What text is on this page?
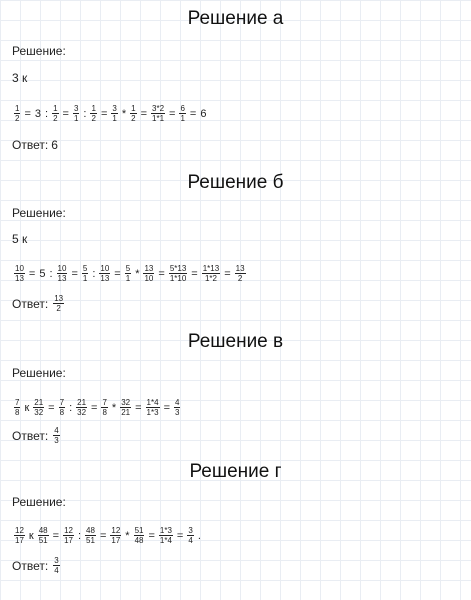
Решение а
Решение:
3 к
$\frac{1}{2} = 3$ : $\frac{1}{2} = \frac{3}{1}$ : $\frac{1}{2} = \frac{3}{1} * \frac{1}{2} = \frac{3*2}{1*1} = \frac{6}{1} = 6$
Ответ: 6
Решение б
Решение:
5 к
$\frac{10}{13} = 5$ : $\frac{10}{13} = \frac{5}{1}$ : $\frac{10}{13} = \frac{5}{1} * \frac{13}{10} = \frac{5*13}{1*10} = \frac{1*13}{1*2} = \frac{13}{2}$
Ответ: $\frac{13}{2}$
Решение в
Решение:
$\frac{7}{8}$ к $\frac{21}{32} = \frac{7}{8}$ : $\frac{21}{32} = \frac{7}{8} * \frac{32}{21} = \frac{1*4}{1*3} = \frac{4}{3}$
Ответ: $\frac{4}{3}$
Решение г
Решение:
$\frac{12}{17}$ к $\frac{48}{51} = \frac{12}{17}$ : $\frac{48}{51} = \frac{12}{17} * \frac{51}{48} = \frac{1*3}{1*4} = \frac{3}{4}$ .
Ответ: $\frac{3}{4}$
